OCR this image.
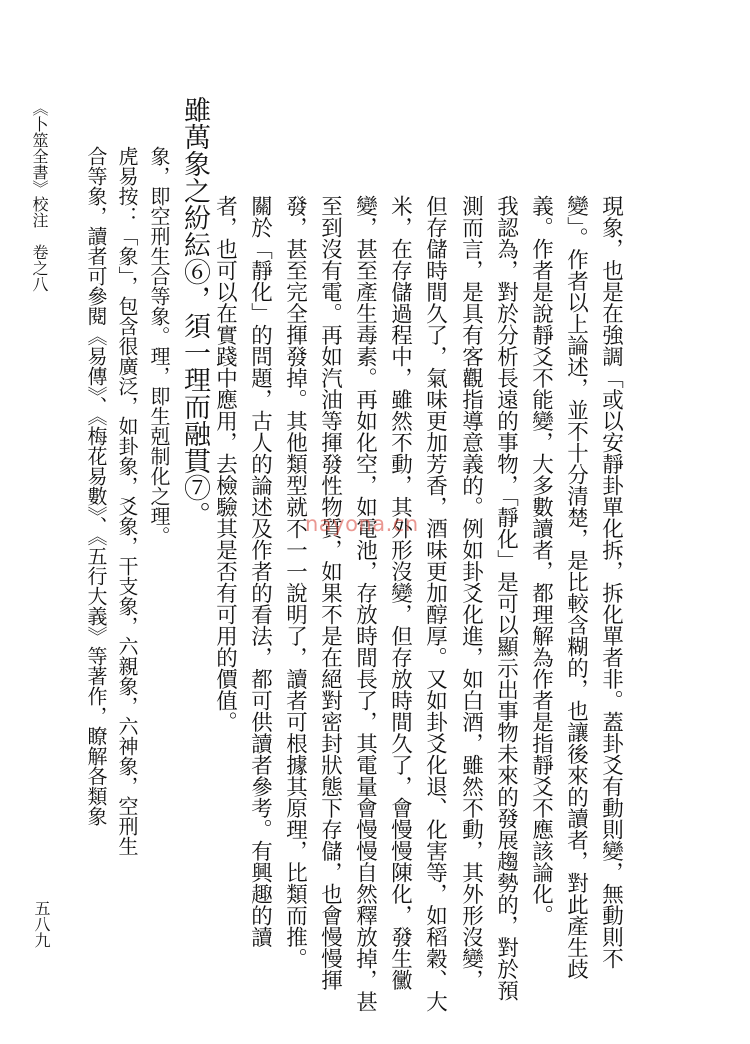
現象，也是在強調「或以安靜卦單化拆，拆化單者非。蓋卦爻有動則變，無動則不
變」。作者以上論述，並不十分清楚，是比較含糊的，也讓後來的讀者，對此產生歧
義。作者是說靜爻不能變，大多數讀者，都理解為作者是指靜爻不應該論化。
我認為，對於分析長遠的事物，「靜化」是可以顯示出事物未來的發展趨勢的，對於預
測而言，是具有客觀指導意義的。例如卦爻化進，如白酒，雖然不動，其外形沒變，
但存儲時間久了，氣味更加芳香，酒味更加醇厚。又如卦爻化退、化害等，如稻穀、大
米，在存儲過程中，雖然不動，其外形沒變，但存放時間久了，會慢慢陳化，發生黴
變，甚至產生毒素。再如化空，如電池，存放時間長了，其電量會慢慢自然釋放掉，甚
至到沒有電。再如汽油等揮發性物質，如果不是在絕對密封狀態下存儲，也會慢慢揮
發，甚至完全揮發掉。其他類型就不一一說明了，讀者可根據其原理，比類而推。
關於「靜化」的問題，古人的論述及作者的看法，都可供讀者參考。有興趣的讀
者，也可以在實踐中應用，去檢驗其是否有可用的價值。
雖萬象之紛紜⑥，須一理而融貫⑦。
象，即空刑生合等象。理，即生剋制化之理。
虎易按：「象」，包含很廣泛，如卦象，爻象，干支象，六親象，六神象，空刑生
合等象，讀者可參閱《易傳》、《梅花易數》、《五行大義》等著作，瞭解各類象
《卜筮全書》校注　卷之八
五八九
nayona.cn
